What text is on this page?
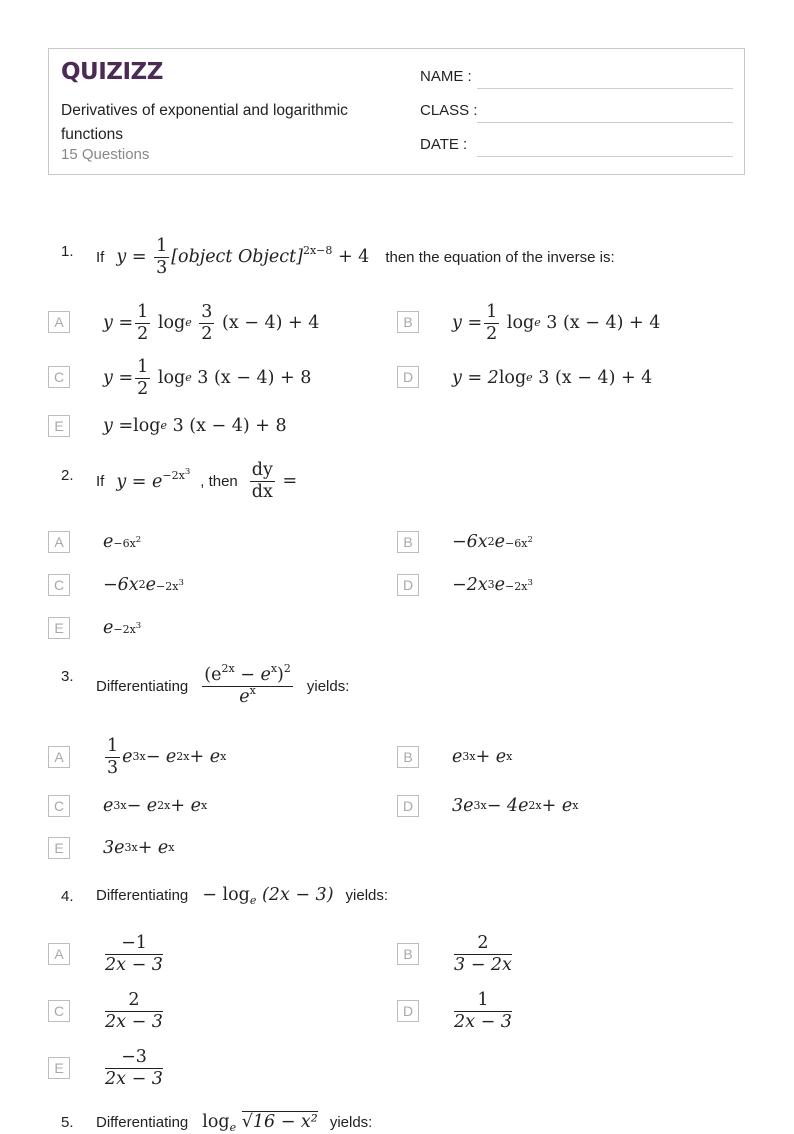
QUIZIZZ
Derivatives of exponential and logarithmic functions
15 Questions
NAME :
CLASS :
DATE :
1. If $y = \frac{1}{3}$ [object Object]$^{2x-8}$ + 4 then the equation of the inverse is:
A	$y = \frac{1}{2}$
log e
$\frac{3}{2}$
(x − 4) + 4	B	$y = \frac{1}{2}$
log e
3 (x − 4) + 4
C	$y = \frac{1}{2}$
log e
3 (x − 4) + 8	D	y = 2 log e
3 (x − 4) + 4
E	y = log e
3 (x − 4) + 8
2. If $y = e^{-2x^3}$
, then $\frac{dy}{dx}$ =
A	$e -6x^2$	B	−6x 2 $e -6x^2$
C	−6x 2 $e -2x^3$	D	−2x 3 $e -2x^3$
E	$e -2x^3$
3.
Differentiating $\frac{(e^{2x} - e^x)^2}{e^x}$ yields:
A	$\frac{1}{3}$ e 3x − e 2x + e x	B	e 3x + e x
C	e 3x − e 2x + e x	D	3e 3x − 4e 2x + e x
E	3e 3x + e x
4. Differentiating − $\log_e (2x - 3)$ yields:
A	$\frac{-1}{2x - 3}$	B	$\frac{2}{3 - 2x}$
C	$\frac{2}{2x - 3}$	D	$\frac{1}{2x - 3}$
E	$\frac{-3}{2x - 3}$
5. Differentiating $\log_e √16 - x^2$ yields:
